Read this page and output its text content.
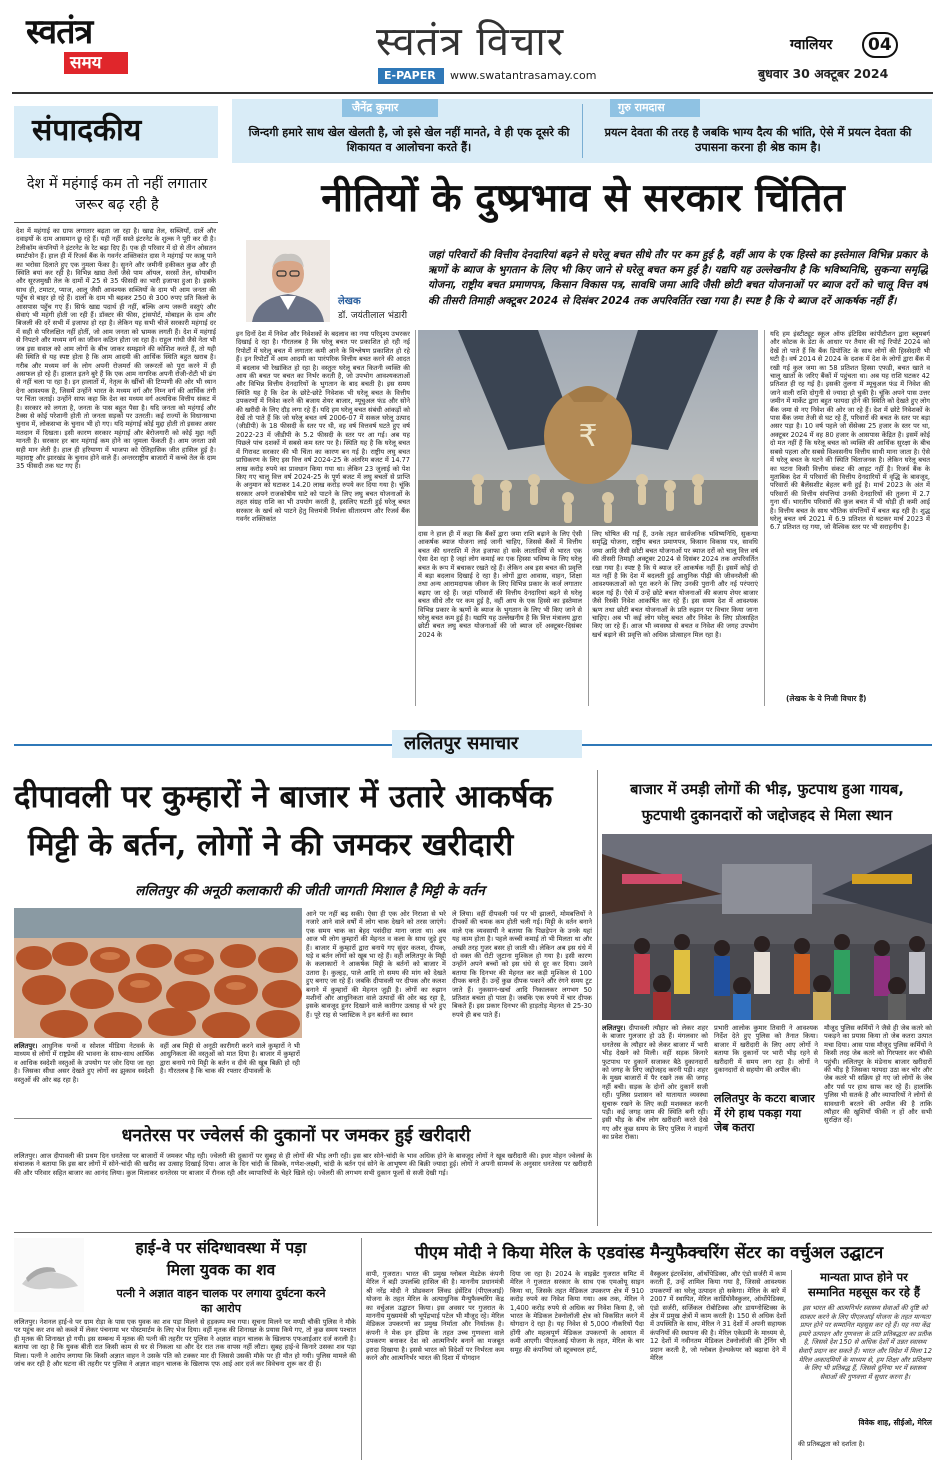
स्वतंत्र
समय	स्वतंत्र विचार
E-PAPER www.swatantrasamay.com
ग्वालियर 04
बुधवार 30 अक्टूबर 2024
संपादकीय
देश में महंगाई कम तो नहीं लगातार जरूर बढ़ रही है
देश में महंगाई का ग्राफ लगातार बढ़ता जा रहा है। खाद्य तेल, सब्जियाँ, दालें और दवाइयों के दाम आसमान छू रहे हैं। यही नहीं सस्ते इंटरनेट के शुल्क ने पूरी कर दी है। टेलीकॉम कंपनियों ने इंटरनेट के रेट बढ़ा दिए हैं। एक ही परिवार में दो से तीन ओसतन स्मार्टफोन हैं। हाल ही में रिजर्व बैंक के गवर्नर शक्तिकांत दास ने महंगाई पर काबू पाने का भरोसा दिलाते हुए एक नुमला फेंका है। सुनने और जमीनी हकीकत कुछ और ही स्थिति बयां कर रही है। विभिन्न खाद्य तेलों जैसे पाम ऑयल, सरसों तेल, सोयाबीन और सूरजमुखी तेल के दामों में 25 से 35 फीसदी का भारी इजाफा हुआ है। इसके साथ ही, टमाटर, प्याज, आलू जैसी आवश्यक सब्जियों के दाम भी आम जनता की पहुँच से बाहर हो रहे हैं। दालों के दाम भी बढ़कर 250 से 300 रुपए प्रति किलो के आसपास पहुँच गए हैं। सिर्फ खाद्य पदार्थ ही नहीं, बल्कि अन्य जरूरी वस्तुएं और सेवाएं भी महंगी होती जा रही हैं। डॉक्टर की फीस, ट्रांसपोर्ट, मोबाइल के दाम और बिजली की दरें सभी में इजाफा हो रहा है। लेकिन यह सभी चीजें सरकारी महंगाई दर में सही से परिलक्षित नहीं होतीं, जो आम जनता को भ्रामक लगती हैं। देश में महंगाई से निपटने और मध्यम वर्ग का जीवन कठिन होता जा रहा है। राहुल गांधी जैसे नेता भी जब इस सवाल को आम लोगों के बीच जाकर समझाने की कोशिश करते हैं, तो यही की स्थिति से यह स्पष्ट होता है कि आम आदमी की आर्थिक स्थिति बहुत खराब है। गरीब और मध्यम वर्ग के लोग अपनी रोजमर्रा की जरूरतों को पूरा करने में ही असफल हो रहे हैं। हालात इतने बुरे हैं कि एक आम नागरिक अपनी रोजी-रोटी भी ढंग से नहीं चला पा रहा है। इन हालातों में, नेतृत्व के खींचों की टिप्पणी की ओर भी ध्यान देना आवश्यक है, जिसमें उन्होंने भारत के मध्यम वर्ग और निम्न वर्ग की आर्थिक तंगी पर चिंता जताई। उन्होंने साफ कहा कि देश का मध्यम वर्ग अत्यधिक वित्तीय संकट में है। सरकार को लगता है, जनता के पास बहुत पैसा है। यदि जनता को महंगाई और टैक्स से कोई परेशानी होती तो जनता सड़कों पर उतरती। कई राज्यों के विधानसभा चुनाव में, लोकसभा के चुनाव भी हो गए। यदि महंगाई कोई मुद्दा होती तो इसका असर मतदान में दिखता। इसी कारण सरकार महंगाई और बेरोजगारी को कोई मुद्दा नहीं मानती है। सरकार हर बार महंगाई कम होने का जुमला फेंकती है। आम जनता उसे सही मान लेती है। हाल ही हरियाणा में भाजपा को ऐतिहासिक जीत हासिल हुई है। महाराष्ट्र और झारखंड के चुनाव होने वाले हैं। अन्तरराष्ट्रीय बाजारों में कच्चे तेल के दाम 35 फीसदी तक घट गए हैं।
जैनेंद्र कुमार
जिन्दगी हमारे साथ खेल खेलती है, जो इसे खेल नहीं मानते, वे ही एक दूसरे की शिकायत व आलोचना करते हैं।
गुरु रामदास
प्रयत्न देवता की तरह है जबकि भाग्य दैत्य की भांति, ऐसे में प्रयत्न देवता की उपासना करना ही श्रेष्ठ काम है।
नीतियों के दुष्प्रभाव से सरकार चिंतित
लेखक
डॉ. जयंतीलाल भंडारी
जहां परिवारों की वित्तीय देनदारियां बढ़ने से घरेलू बचत सीधे तौर पर कम हुई है, वहीं आय के एक हिस्से का इस्तेमाल विभिन्न प्रकार के ऋणों के ब्याज के भुगतान के लिए भी किए जाने से घरेलू बचत कम हुई है। यद्यपि यह उल्लेखनीय है कि भविष्यनिधि, सुकन्या समृद्धि योजना, राष्ट्रीय बचत प्रमाणपत्र, किसान विकास पत्र, सावधि जमा आदि जैसी छोटी बचत योजनाओं पर ब्याज दरों को चालू वित्त वर्ष की तीसरी तिमाही अक्टूबर 2024 से दिसंबर 2024 तक अपरिवर्तित रखा गया है। स्पष्ट है कि ये ब्याज दरें आकर्षक नहीं हैं।
इन दिनों देश में निवेश और निवेशकों के बदलाव का नया परिदृश्य उभरकर दिखाई दे रहा है। गौरतलब है कि घरेलू बचत पर प्रकाशित हो रही नई रिपोर्टों में घरेलू बचत में लगातार कमी आने के विश्लेषण प्रकाशित हो रहे हैं। इन रिपोर्टों में आम आदमी का पारंपरिक वित्तीय बचत करने की आदत में बदलाव भी रेखांकित हो रहा है। वस्तुतः घरेलू बचत कितनी व्यक्ति की आय की बचत पर बचत का निर्भर करती है, जो उपभोग आवश्यकताओं और विभिन्न वित्तीय देनदारियों के भुगतान के बाद बचती है। इस समय स्थिति यह है कि देश के छोटे-छोटे निवेशक भी घरेलू बचत के वित्तीय उपकरणों में निवेश करने की बजाय शेयर बाजार, म्यूचुअल फंड और सोने की खरीदी के लिए दौड़ लगा रहे हैं। यदि हम घरेलू बचत संबंधी आंकड़ों को देखें तो पाते हैं कि जो घरेलू बचत वर्ष 2006-07 में सकल घरेलू उत्पाद (जीडीपी) के 18 फीसदी के स्तर पर थी, वह वर्ष वित्तवर्ष घटते हुए वर्ष 2022-23 में जीडीपी के 5.2 फीसदी के स्तर पर आ गई। अब यह पिछले पांच दशकों में सबसे कम स्तर पर है। स्थिति यह है कि घरेलू बचत में गिरावट सरकार की भी चिंता का कारण बन गई है। राष्ट्रीय लघु बचत प्राधिकरण के लिए इस वित्त वर्ष 2024-25 के अंतरिम बजट में 14.77 लाख करोड़ रुपये का प्रावधान किया गया था। लेकिन 23 जुलाई को पेश किए गए चालू वित्त वर्ष 2024-25 के पूर्ण बजट में लघु बचतों से प्राप्ति के अनुमान को घटाकर 14.20 लाख करोड़ रुपये कर दिया गया है। चूंकि सरकार अपने राजकोषीय घाटे को पाटने के लिए लघु बचत योजनाओं के तहत संग्रह राशि का भी उपयोग करती है, इसलिए घटती हुई घरेलू बचत सरकार के खर्च को पाटने हेतु वित्तमंत्री निर्मला सीतारमण और रिजर्व बैंक गवर्नर शक्तिकांत
₹
दास ने हाल ही में कहा कि बैंकों द्वारा जमा राशि बढ़ाने के लिए ऐसी आकर्षक ब्याज योजना लाई जानी चाहिए, जिससे बैंकों में वित्तीय बचत की धनराशि में तेज इजाफा हो सके लातादियों से भारत एक ऐसा देश रहा है जहां लोग कमाई का एक हिस्सा भविष्य के लिए घरेलू बचत के रूप में बचाकर रखते रहे हैं। लेकिन अब इस बचत की प्रवृत्ति में बड़ा बदलाव दिखाई दे रहा है। लोगों द्वारा आवास, वाहन, शिक्षा तथा अन्य आरामदायक जीवन के लिए विभिन्न प्रकार के कर्ज लगातार बढ़ाए जा रहे हैं। जहां परिवारों की वित्तीय देनदारियां बढ़ने से घरेलू बचत सीधे तौर पर कम हुई है, वहीं आय के एक हिस्से का इस्तेमाल विभिन्न प्रकार के ऋणों के ब्याज के भुगतान के लिए भी किए जाने से घरेलू बचत कम हुई है। यद्यपि यह उल्लेखनीय है कि वित्त मंत्रालय द्वारा छोटी बचत लघु बचत योजनाओं की जो ब्याज दरें अक्टूबर-दिसंबर 2024 के
लिए घोषित की गई हैं, उनके तहत सार्वजनिक भविष्यनिधि, सुकन्या समृद्धि योजना, राष्ट्रीय बचत प्रमाणपत्र, किसान विकास पत्र, सावधि जमा आदि जैसी छोटी बचत योजनाओं पर ब्याज दरों को चालू वित्त वर्ष की तीसरी तिमाही अक्टूबर 2024 से दिसंबर 2024 तक अपरिवर्तित रखा गया है। स्पष्ट है कि ये ब्याज दरें आकर्षक नहीं हैं। इसमें कोई दो मत नहीं है कि देश में बदलती हुई आधुनिक पीढ़ी की जीवनशैली की आवश्यकताओं को पूरा करने के लिए उनकी पुरानी और नई परंपराएं बदल गई हैं। ऐसे में उन्हें छोटे बचत योजनाओं की बजाय शेयर बाजार जैसे रिस्की निवेश आकर्षित कर रहे हैं। इस समय देश में आवश्यक ऋण तथा छोटी बचत योजनाओं के प्रति रुझान पर विचार किया जाना चाहिए। अब भी कई लोग घरेलू बचत और निवेश के लिए प्रोत्साहित किए जा रहे हैं। आज भी व्यवस्था से बचत व निवेश की जगह उपभोग खर्च बढ़ाने की प्रवृत्ति को अधिक प्रोत्साहन मिल रहा है।
यदि हम इंस्टीट्यूट स्कूल ऑफ इंटिग्रिस कांपीटीशन द्वारा ब्लूमबर्ग और कोटक के डेटा के आधार पर तैयार की गई रिपोर्ट 2024 को देखें तो पाते हैं कि बैंक डिपॉजिट के साथ लोगों की हिस्सेदारी भी घटी है। वर्ष 2014 से 2024 के दशक में देश के लोगों द्वारा बैंक में रखी गई कुल जमा का 58 प्रतिशत हिस्सा एफडी, बचत खाते व चालू खातों के जरिए बैंकों में पहुंचता था। अब यह राशि घटकर 42 प्रतिशत ही रह गई है। इसकी तुलना में म्यूचुअल फंड में निवेश की जाने वाली राशि दोगुनी से ज्यादा हो चुकी है। चूंकि अपने पास उत्तर जमीन में मार्केट द्वारा बहुत फायदा होने की स्थिति को देखते हुए लोग बैंक जमा से नए निवेश की ओर जा रहे हैं। देश में छोटे निवेशकों के पास बैंक जमा तेजी से घट रहे हैं, परिवारों की बचत के स्तर पर बड़ा असर पड़ा है। 10 वर्ष पहले जो सेंसेक्स 25 हजार के स्तर पर था, अक्टूबर 2024 में वह 80 हजार के आसपास केंद्रित है। इसमें कोई दो मत नहीं हैं कि घरेलू बचत को व्यक्ति की आर्थिक सुरक्षा के बीच सबसे पहला और सबसे विश्वसनीय वित्तीय साथी माना जाता है। ऐसे में घरेलू बचत के घटने की स्थिति चिंताजनक है। लेकिन घरेलू बचत का घटना किसी वित्तीय संकट की आहट नहीं है। रिजर्व बैंक के मुताबिक देश में परिवारों की वित्तीय देनदारियों में वृद्धि के बावजूद, परिवारों की बैलेंसशीट बेहतर बनी हुई है। मार्च 2023 के अंत में परिवारों की वित्तीय संपत्तियां उनकी देनदारियों की तुलना में 2.7 गुना थीं। भारतीय परिवारों की कुल बचत में भी थोड़ी ही कमी आई है। वित्तीय बचत के साथ भौतिक संपत्तियों में बचत बढ़ रही है। शुद्ध घरेलू बचत वर्ष 2021 में 6.9 प्रतिशत से घटकर मार्च 2023 में 6.7 प्रतिशत रह गया, जो वैश्विक स्तर पर भी सराहनीय है।
(लेखक के ये निजी विचार हैं)
ललितपुर समाचार
दीपावली पर कुम्हारों ने बाजार में उतारे आकर्षक
मिट्टी के बर्तन, लोगों ने की जमकर खरीदारी
ललितपुर की अनूठी कलाकारी की जीती जागती मिशाल है मिट्टी के वर्तन
ललितपुर। आधुनिक यन्त्रों व सोशल मीडिया नेटवर्क के माध्यम से लोगों में राष्ट्रप्रेम की भावना के साथ-साथ आर्थिक व आधिक स्वदेशी वस्तुओं के उपयोग पर जोर दिया जा रहा है। जिसका सीधा असर देखते हुए लोगों का झुकाव स्वदेशी वस्तुओं की ओर बढ़ रहा है।
वहीं अब मिट्टी से अनूठी कारीगरी करने वाले कुम्हारों ने भी आधुनिकता की वस्तुओं को मात दिया है। बाजार में कुम्हारों द्वारा बनाये गये मिट्टी के बर्तन व दीये की खूब बिक्री हो रही है। गौरतलब है कि चाक की रफ्तार दीपावली के
आने पर नहीं बढ़ सकी। ऐसा ही एक ओर निराशा से भरे नजारे आने वाले वर्षों में लोग चाक देखने को तरस जाएंगे। एक समय चाक का बेहद पसंदीदा माना जाता था। अब आज भी लोग कुम्हारों की मेहनत व कला के साथ जुड़े हुए हैं। बाजार में कुम्हारों द्वारा बनाये गए सुंदर कलश, दीपक, घड़े व बर्तन लोगों को खूब भा रहे हैं। वहीं ललितपुर के मिट्टी के कलाकारों ने आकर्षक मिट्टी के बर्तनों को बाजार में उतारा है। कुल्हड़, पाले आदि तो समय की मांग को देखते हुए बनाए जा रहे हैं। जबकि दीपावली पर दीपक और कलश बनाने में कुम्हारों की मेहनत जुड़ी है। लोगों का रुझान मशीनों और आधुनिकता वाले उत्पादों की ओर बढ़ रहा है, इसके बावजूद हुनर दिखाने वाले कारीगर उत्साह से भरे हुए हैं। पूरे राह से प्लास्टिक ने इन बर्तनों का स्थान
ले लिया। वहीं दीपवली पर्व पर भी झालरों, मोमबत्तियों ने दीपकों की चमक कम होती चली गई। मिट्टी के वर्तन बनाने वाले एक व्यवसायी ने बताया कि पिछड़ेपन के उनके यहां यह काम होता है। पहले कच्ची कमाई तो भी मिलता था और अच्छी तरह गुजर बसर हो जाती थी। लेकिन अब इस धंधे में दो वक्त की रोटी जुटाना मुश्किल हो गया है। इसी कारण उन्होंने अपने बच्चों को इस धंधे से दूर कर दिया। उसने बताया कि दिनभर की मेहनत कर कड़ी मुश्किल से 100 दीपक बनते हैं। उन्हें कुछ दीपक पकाने और रंगने समय टूट जाते हैं। नुकसान-खर्चा आदि निकालकर लगभग 50 प्रतिशत बचता हो पाता है। जबकि एक रुपये में चार दीपक बिकते हैं। इस प्रकार दिनभर की हाड़तोड़ मेहनत से 25-30 रुपये ही बच पाते हैं।
धनतेरस पर ज्वेलर्स की दुकानों पर जमकर हुई खरीदारी
ललितपुर। आज दीपावली की प्रथम दिन धनतेरस पर बाजारों में जमकर भीड़ रही। ज्वेलरी की दुकानों पर सुबह से ही लोगों की भीड़ लगी रही। इस बार सोने-चांदी के भाव अधिक होने के बावजूद लोगों ने खूब खरीदारी की। इधर मोहन ज्वेलर्स के संचालक ने बताया कि इस बार लोगों में सोने-चांदी की खरीद का उत्साह दिखाई दिया। आज के दिन चांदी के सिक्के, गणेश-लक्ष्मी, चांदी के बर्तन एवं सोने के आभूषण की बिक्री ज्यादा हुई। लोगों ने अपनी सामर्थ्य के अनुसार धनतेरस पर खरीदारी की और परिवार सहित बाजार का आनंद लिया। कुल मिलाकर धनतेरस पर बाजार में रौनक रही और व्यापारियों के चेहरे खिले रहे। ज्वेलरी की लगभग सभी दुकान फूलों से सजी देखी गई।
बाजार में उमड़ी लोगों की भीड़, फुटपाथ हुआ गायब,
फुटपाथी दुकानदारों को जद्दोजहद से मिला स्थान
ललितपुर। दीपावली त्यौहार को लेकर शहर के बाजार गुलजार हो उठे हैं। मंगलवार को धनतेरस के त्यौहार को लेकर बाजार में भारी भीड़ देखने को मिली। वहीं सड़क किनारे फुटपाथ पर दुकानें सजाकर बैठे दुकानदारों को जगह के लिए जद्दोजहद करनी पड़ी। शहर के मुख्य बाजारों में पैर रखने तक की जगह नहीं बची। सड़क के दोनों ओर दुकानें सजी रहीं। पुलिस प्रशासन को यातायात व्यवस्था सुचारू रखने के लिए कड़ी मशक्कत करनी पड़ी। कई जगह जाम की स्थिति बनी रही। इसी भीड़ के बीच लोग खरीदारी करते देखे गए और कुछ समय के लिए पुलिस ने वाहनों का प्रवेश रोका।
प्रभारी आलोक कुमार तिवारी ने आवश्यक निर्देश देते हुए पुलिस को तैनात किया। बाजार में खरीदारी के लिए आए लोगों ने बताया कि दुकानों पर भारी भीड़ रहने से खरीदारी में समय लग रहा है। लोगों ने दुकानदारों से सहयोग की अपील की।
ललितपुर के कटरा बाजार में रंगे हाथ पकड़ा गया जेब कतरा
मौजूद पुलिस कर्मियों ने जैसे ही जेब कतरे को पकड़ने का प्रयास किया तो जेब कतरा उत्पात मचा दिया। आस पास मौजूद पुलिस कर्मियों ने किसी तरह जेब कतरे को गिरफ्तार कर चौकी पहुंची। ललितपुर के मंडेनाथ बाजार खरीदारों की भीड़ है जिसका फायदा उठा कर चोर और जेब कतरे भी सक्रिय हो गए जो लोगों के जेब और पर्स पर हाथ साफ कर रहे हैं। हालांकि पुलिस भी सतर्क है और व्यापारियों ने लोगों से सावधानी बरतने की अपील की है ताकि त्यौहार की खुशियाँ फीकी न हों और सभी सुरक्षित रहें।
हाई-वे पर संदिग्धावस्था में पड़ा
मिला युवक का शव
पत्नी ने अज्ञात वाहन चालक पर लगाया दुर्घटना करने का आरोप
ललितपुर। नेशनल हाई-वे पर ग्राम रोड़ा के पास एक युवक का शव पड़ा मिलने से हड़कम्प मच गया। सूचना मिलने पर मण्डी चौकी पुलिस ने मौके पर पहुंच कर शव को कब्जे में लेकर पंचनामा भर पोस्टमार्टम के लिए भेज दिया। वहीं मृतक की शिनाख्त के प्रयास किये गए, तो कुछ समय पश्चात ही मृतक की शिनाख्त हो गयी। इस सम्बन्ध में मृतक की पत्नी की तहरीर पर पुलिस ने अज्ञात वाहन चालक के खिलाफ एफआईआर दर्ज करली है। बताया जा रहा है कि युवक बीती रात किसी काम से घर से निकला था और देर रात तक वापस नहीं लौटा। सुबह हाई-वे किनारे उसका शव पड़ा मिला। पत्नी ने आरोप लगाया कि किसी अज्ञात वाहन ने उसके पति को टक्कर मार दी जिससे उसकी मौके पर ही मौत हो गयी। पुलिस मामले की जांच कर रही है और घटना की तहरीर पर पुलिस ने अज्ञात वाहन चालक के खिलाफ एफ आई आर दर्ज कर विवेचना शुरू कर दी है।
पीएम मोदी ने किया मेरिल के एडवांस्ड मैन्युफैक्चरिंग सेंटर का वर्चुअल उद्घाटन
वापी, गुजरात। भारत की प्रमुख ग्लोबल मेडटेक कंपनी मेरिल ने बड़ी उपलब्धि हासिल की है। माननीय प्रधानमंत्री श्री नरेंद्र मोदी ने प्रोडक्शन लिंक्ड इंसेंटिव (पीएलआई) योजना के तहत मेरिल के अत्याधुनिक मैन्युफैक्चरिंग केंद्र का वर्चुअल उद्घाटन किया। इस अवसर पर गुजरात के माननीय मुख्यमंत्री श्री भूपेंद्रभाई पटेल भी मौजूद रहे। मेरिल मेडिकल उपकरणों का प्रमुख निर्माता और निर्यातक है। कंपनी ने मेक इन इंडिया के तहत उच्च गुणवत्ता वाले उपकरण बनाकर देश को आत्मनिर्भर बनाने का मजबूत इरादा दिखाया है। इससे भारत को विदेशों पर निर्भरता कम करने और आत्मनिर्भर भारत की दिशा में योगदान
दिया जा रहा है। 2024 के वाइब्रेंट गुजरात समिट में मेरिल ने गुजरात सरकार के साथ एक एमओयू साइन किया था, जिसके तहत मेडिकल उपकरण क्षेत्र में 910 करोड़ रुपये का निवेश किया गया। अब तक, मेरिल ने 1,400 करोड़ रुपये से अधिक का निवेश किया है, जो भारत के मेडिकल टेक्नोलॉजी क्षेत्र को विकसित करने में योगदान दे रहा है। यह निवेश से 5,000 नौकरियों पैदा होंगी और महत्वपूर्ण मेडिकल उपकरणों के आयात में कमी आएगी। पीएलआई योजना के तहत, मेरिल के चार समूह की कंपनियां जो स्टूक्चरल हार्ट,
वैस्कुलर इंटरवेंशंस, ऑर्थोपेडिक्स, और एंडो सर्जरी में काम करती हैं, उन्हें शामिल किया गया है, जिससे आवश्यक उपकरणों का घरेलू उत्पादन हो सकेगा। मेरिल के बारे में 2007 में स्थापित, मेरिल कार्डियोवैस्कुलर, ऑर्थोपेडिक्स, एंडो सर्जरी, सर्जिकल रोबोटिक्स और डायग्नोस्टिक्स के क्षेत्र में प्रमुख क्षेत्रों में काम करती है। 150 से अधिक देशों में उपस्थिति के साथ, मेरिल ने 31 देशों में अपनी सहायक कंपनियों की स्थापना की है। मेरिल एकेडमी के माध्यम से, 12 देशों में नवीनतम मेडिकल टेक्नोलॉजी की ट्रेनिंग भी प्रदान करती है, जो ग्लोबल हेल्थकेयर को बढ़ावा देने में मेरिल
मान्यता प्राप्त होने पर
सम्मानित महसूस कर रहे हैं
इस भारत की आत्मनिर्भर स्वास्थ्य सेवाओं की दृष्टि को साकार करने के लिए पीएलआई योजना के तहत मान्यता प्राप्त होने पर सम्मानित महसूस कर रहे हैं। यह नया केंद्र हमारे उत्पादन और गुणवत्ता के प्रति प्रतिबद्धता का प्रतीक है, जिससे देश 150 से अधिक देशों में उन्नत स्वास्थ्य सेवाएँ प्रदान कर सकते हैं। भारत और विदेश में मिला 12 मेरिल अकादमियों के माध्यम से, हम शिक्षा और प्रशिक्षण के लिए भी प्रतिबद्ध हैं, जिससे दुनिया भर में स्वास्थ्य सेवाओं की गुणवत्ता में सुधार करना है।
विवेक शाह, सीईओ, मेरिल
की प्रतिबद्धता को दर्शाता है।
